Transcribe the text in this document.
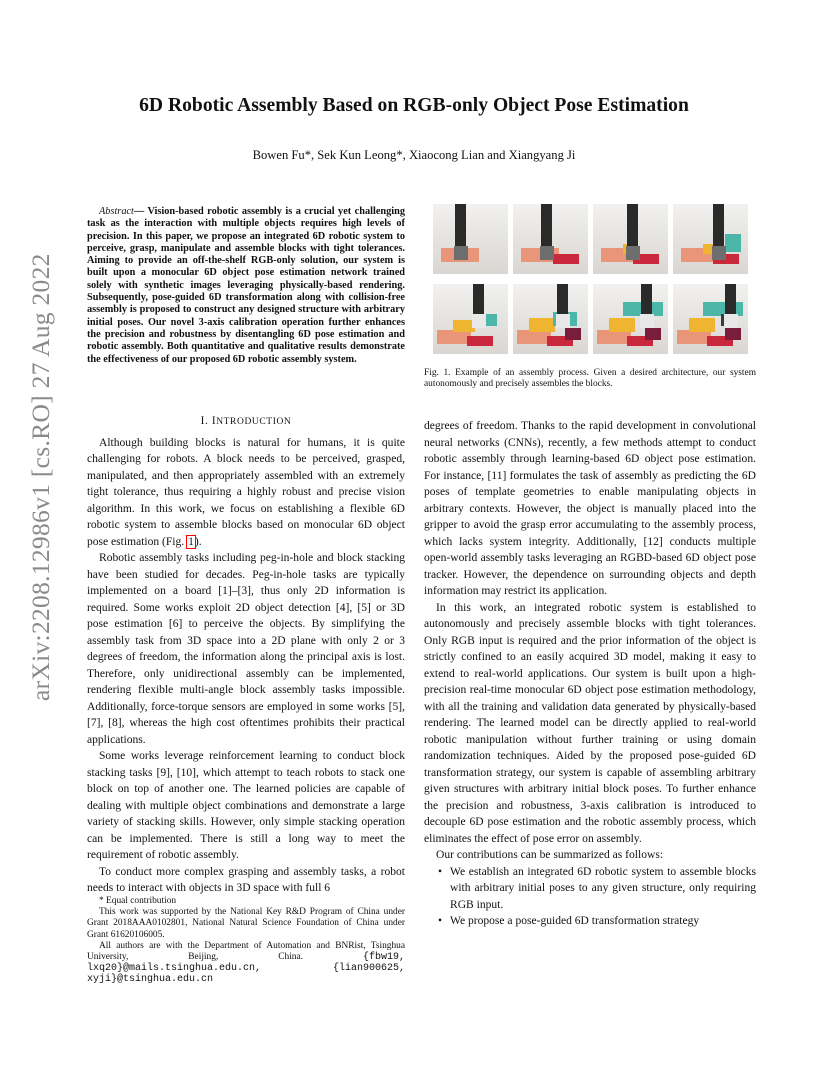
arXiv:2208.12986v1 [cs.RO] 27 Aug 2022
6D Robotic Assembly Based on RGB-only Object Pose Estimation
Bowen Fu*, Sek Kun Leong*, Xiaocong Lian and Xiangyang Ji
Abstract— Vision-based robotic assembly is a crucial yet challenging task as the interaction with multiple objects requires high levels of precision. In this paper, we propose an integrated 6D robotic system to perceive, grasp, manipulate and assemble blocks with tight tolerances. Aiming to provide an off-the-shelf RGB-only solution, our system is built upon a monocular 6D object pose estimation network trained solely with synthetic images leveraging physically-based rendering. Subsequently, pose-guided 6D transformation along with collision-free assembly is proposed to construct any designed structure with arbitrary initial poses. Our novel 3-axis calibration operation further enhances the precision and robustness by disentangling 6D pose estimation and robotic assembly. Both quantitative and qualitative results demonstrate the effectiveness of our proposed 6D robotic assembly system.
I. INTRODUCTION

Although building blocks is natural for humans, it is quite challenging for robots. A block needs to be perceived, grasped, manipulated, and then appropriately assembled with an extremely tight tolerance, thus requiring a highly robust and precise vision algorithm. In this work, we focus on establishing a flexible 6D robotic system to assemble blocks based on monocular 6D object pose estimation (Fig. 1).

Robotic assembly tasks including peg-in-hole and block stacking have been studied for decades. Peg-in-hole tasks are typically implemented on a board [1]–[3], thus only 2D information is required. Some works exploit 2D object detection [4], [5] or 3D pose estimation [6] to perceive the objects. By simplifying the assembly task from 3D space into a 2D plane with only 2 or 3 degrees of freedom, the information along the principal axis is lost. Therefore, only unidirectional assembly can be implemented, rendering flexible multi-angle block assembly tasks impossible. Additionally, force-torque sensors are employed in some works [5], [7], [8], whereas the high cost oftentimes prohibits their practical applications.

Some works leverage reinforcement learning to conduct block stacking tasks [9], [10], which attempt to teach robots to stack one block on top of another one. The learned policies are capable of dealing with multiple object combinations and demonstrate a large variety of stacking skills. However, only simple stacking operation can be implemented. There is still a long way to meet the requirement of robotic assembly.

To conduct more complex grasping and assembly tasks, a robot needs to interact with objects in 3D space with full 6

* Equal contribution
This work was supported by the National Key R&D Program of China under Grant 2018AAA0102801, National Natural Science Foundation of China under Grant 61620106005.
All authors are with the Department of Automation and BNRist, Tsinghua University, Beijing, China. {fbw19, lxq20}@mails.tsinghua.edu.cn, {lian900625, xyji}@tsinghua.edu.cn
Fig. 1. Example of an assembly process. Given a desired architecture, our system autonomously and precisely assembles the blocks.

degrees of freedom. Thanks to the rapid development in convolutional neural networks (CNNs), recently, a few methods attempt to conduct robotic assembly through learning-based 6D object pose estimation. For instance, [11] formulates the task of assembly as predicting the 6D poses of template geometries to enable manipulating objects in arbitrary contexts. However, the object is manually placed into the gripper to avoid the grasp error accumulating to the assembly process, which lacks system integrity. Additionally, [12] conducts multiple open-world assembly tasks leveraging an RGBD-based 6D object pose tracker. However, the dependence on surrounding objects and depth information may restrict its application.

In this work, an integrated robotic system is established to autonomously and precisely assemble blocks with tight tolerances. Only RGB input is required and the prior information of the object is strictly confined to an easily acquired 3D model, making it easy to extend to real-world applications. Our system is built upon a high-precision real-time monocular 6D object pose estimation methodology, with all the training and validation data generated by physically-based rendering. The learned model can be directly applied to real-world robotic manipulation without further training or using domain randomization techniques. Aided by the proposed pose-guided 6D transformation strategy, our system is capable of assembling arbitrary given structures with arbitrary initial block poses. To further enhance the precision and robustness, 3-axis calibration is introduced to decouple 6D pose estimation and the robotic assembly process, which eliminates the effect of pose error on assembly.

Our contributions can be summarized as follows:

• We establish an integrated 6D robotic system to assemble blocks with arbitrary initial poses to any given structure, only requiring RGB input.
• We propose a pose-guided 6D transformation strategy
